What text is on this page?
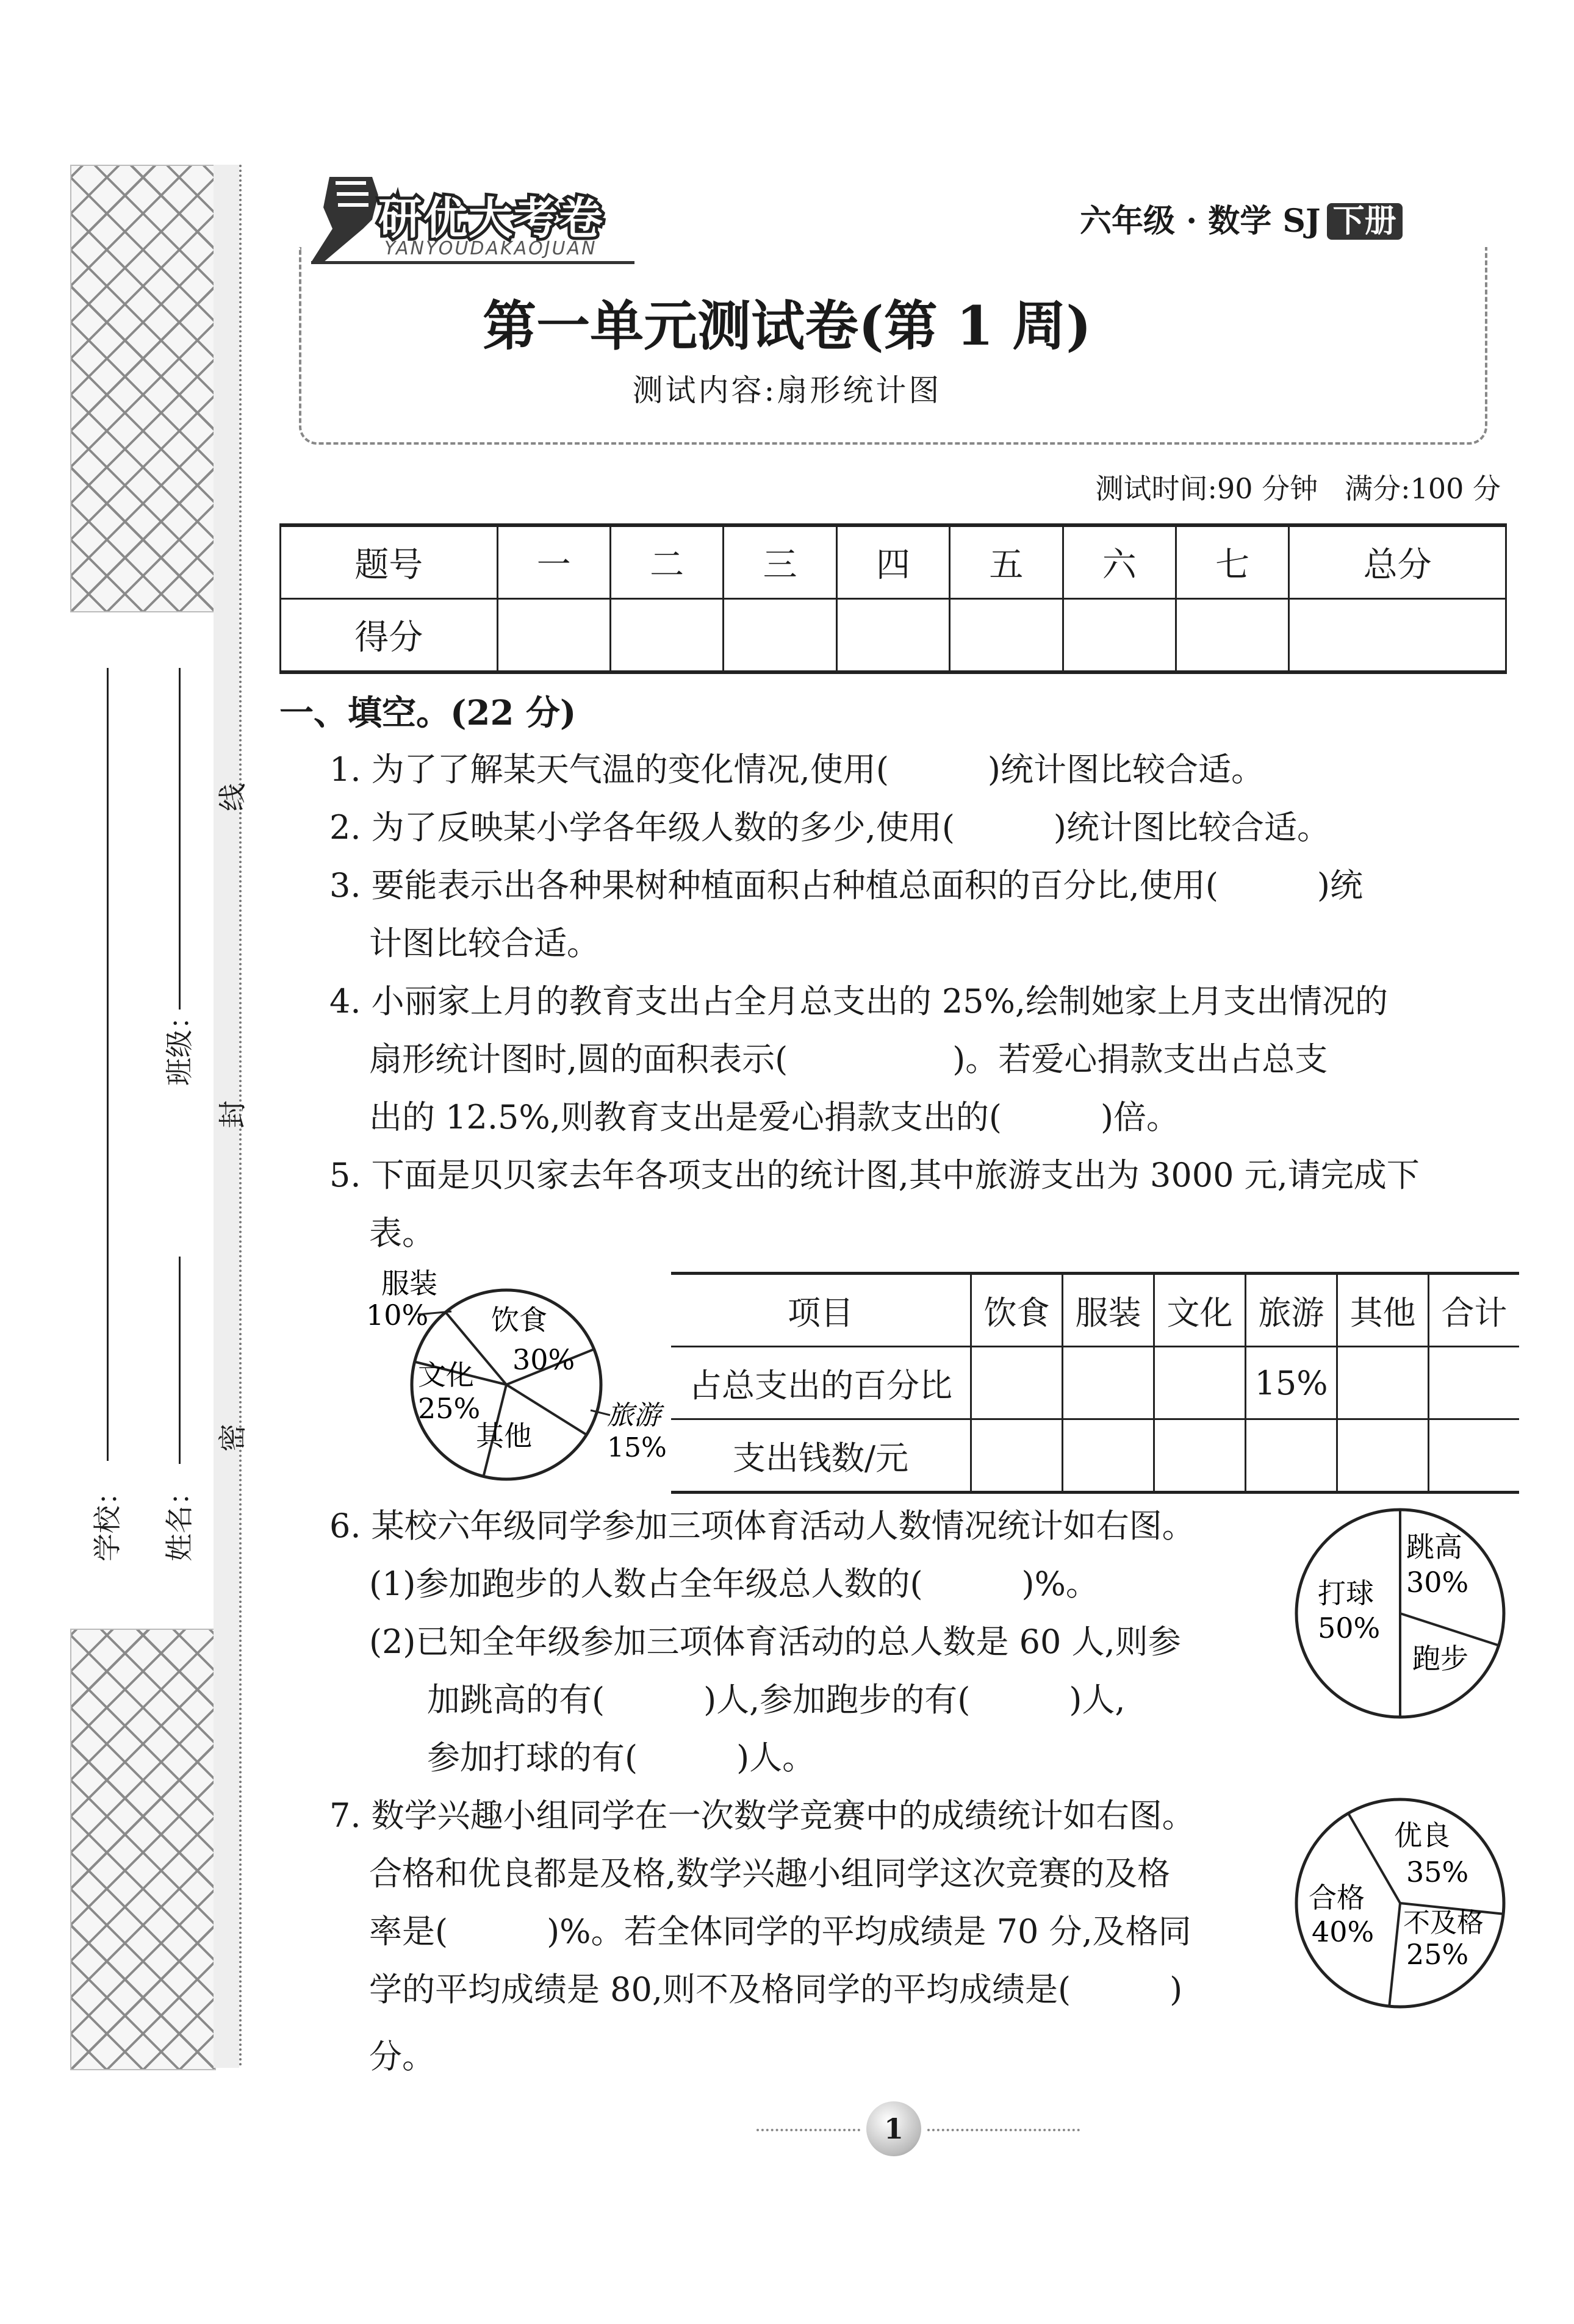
学校： 姓名：
班级：
密
封
线
研优大考卷
YANYOUDAKAOJUAN
六年级 · 数学 SJ 下册
第一单元测试卷(第 1 周)
测试内容:扇形统计图
测试时间:90 分钟 满分:100 分
题号	一	二	三	四	五	六	七	总分
得分								
一、填空。(22 分)
1. 为了了解某天气温的变化情况,使用(　　　)统计图比较合适。
2. 为了反映某小学各年级人数的多少,使用(　　　)统计图比较合适。
3. 要能表示出各种果树种植面积占种植总面积的百分比,使用(　　　)统
计图比较合适。
4. 小丽家上月的教育支出占全月总支出的 25%,绘制她家上月支出情况的
扇形统计图时,圆的面积表示(　　　　　)。若爱心捐款支出占总支
出的 12.5%,则教育支出是爱心捐款支出的(　　　)倍。
5. 下面是贝贝家去年各项支出的统计图,其中旅游支出为 3000 元,请完成下
表。
服装
10% 饮食
30%
文化
25%
其他
旅游
15%
项目	饮食	服装	文化	旅游	其他	合计
占总支出的百分比				15%		
支出钱数/元						
6. 某校六年级同学参加三项体育活动人数情况统计如右图。
(1)参加跑步的人数占全年级总人数的(　　　)%。
(2)已知全年级参加三项体育活动的总人数是 60 人,则参
加跳高的有(　　　)人,参加跑步的有(　　　)人,
参加打球的有(　　　)人。
跳高
30%
跑步
打球
50%
7. 数学兴趣小组同学在一次数学竞赛中的成绩统计如右图。
合格和优良都是及格,数学兴趣小组同学这次竞赛的及格
率是(　　　)%。若全体同学的平均成绩是 70 分,及格同
学的平均成绩是 80,则不及格同学的平均成绩是(　　　)
分。
优良
35%
不及格
25%
合格
40%
1
